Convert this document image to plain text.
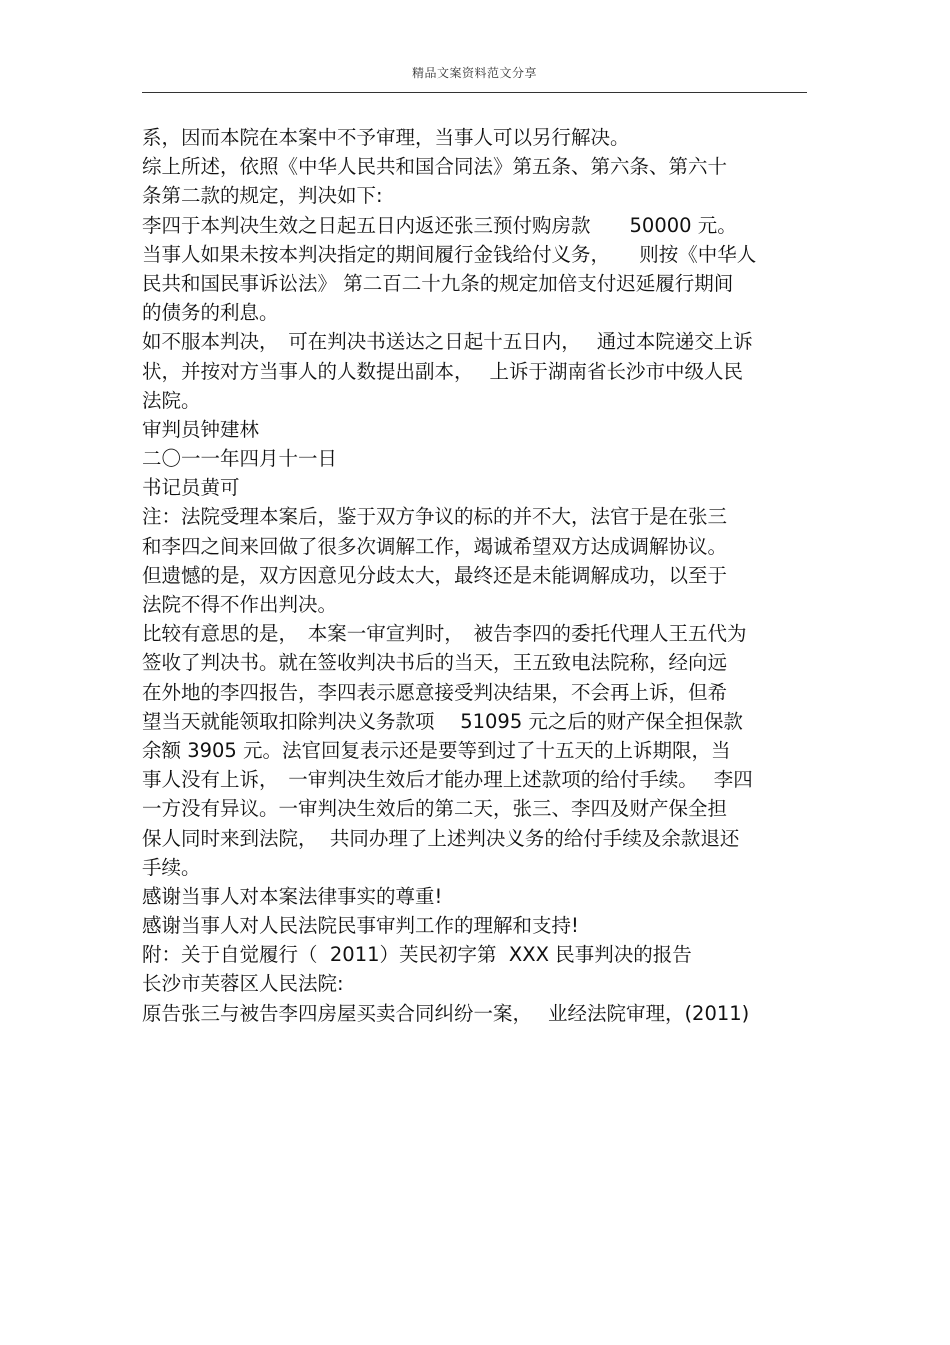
精品文案资料范文分享
系，因而本院在本案中不予审理，当事人可以另行解决。
综上所述，依照《中华人民共和国合同法》第五条、第六条、第六十
条第二款的规定，判决如下:
李四于本判决生效之日起五日内返还张三预付购房款　　50000 元。
当事人如果未按本判决指定的期间履行金钱给付义务，　　则按《中华人
民共和国民事诉讼法》 第二百二十九条的规定加倍支付迟延履行期间
的债务的利息。
如不服本判决，　可在判决书送达之日起十五日内，　 通过本院递交上诉
状，并按对方当事人的人数提出副本，　 上诉于湖南省长沙市中级人民
法院。
审判员钟建林
二〇一一年四月十一日
书记员黄可
注：法院受理本案后，鉴于双方争议的标的并不大，法官于是在张三
和李四之间来回做了很多次调解工作，竭诚希望双方达成调解协议。
但遗憾的是，双方因意见分歧太大，最终还是未能调解成功，以至于
法院不得不作出判决。
比较有意思的是，　本案一审宣判时，　被告李四的委托代理人王五代为
签收了判决书。就在签收判决书后的当天，王五致电法院称，经向远
在外地的李四报告，李四表示愿意接受判决结果，不会再上诉，但希
望当天就能领取扣除判决义务款项　 51095 元之后的财产保全担保款
余额 3905 元。法官回复表示还是要等到过了十五天的上诉期限，当
事人没有上诉，　一审判决生效后才能办理上述款项的给付手续。　 李四
一方没有异议。一审判决生效后的第二天，张三、李四及财产保全担
保人同时来到法院，  共同办理了上述判决义务的给付手续及余款退还
手续。
感谢当事人对本案法律事实的尊重!
感谢当事人对人民法院民事审判工作的理解和支持!
附：关于自觉履行（  2011）芙民初字第  XXX 民事判决的报告
长沙市芙蓉区人民法院:
原告张三与被告李四房屋买卖合同纠纷一案，　 业经法院审理，(2011)
